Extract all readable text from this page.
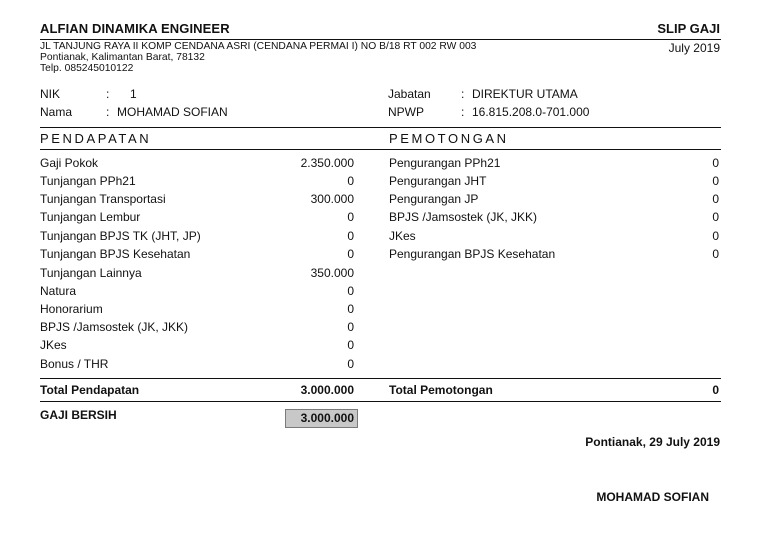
ALFIAN DINAMIKA ENGINEER	SLIP GAJI
JL TANJUNG RAYA II KOMP CENDANA ASRI (CENDANA PERMAI I) NO B/18 RT 002 RW 003
Pontianak, Kalimantan Barat, 78132
Telp. 085245010122
July 2019
NIK	: 1
Nama	: MOHAMAD SOFIAN
Jabatan	: DIREKTUR UTAMA
NPWP	: 16.815.208.0-701.000
PENDAPATAN	PEMOTONGAN
Gaji Pokok	2.350.000
Tunjangan PPh21	0
Tunjangan Transportasi	300.000
Tunjangan Lembur	0
Tunjangan BPJS TK (JHT, JP)	0
Tunjangan BPJS Kesehatan	0
Tunjangan Lainnya	350.000
Natura	0
Honorarium	0
BPJS /Jamsostek (JK, JKK)	0
JKes	0
Bonus / THR	0
Pengurangan PPh21	0
Pengurangan JHT	0
Pengurangan JP	0
BPJS /Jamsostek (JK, JKK)	0
JKes	0
Pengurangan BPJS Kesehatan	0
Total Pendapatan	3.000.000	Total Pemotongan	0
GAJI BERSIH	3.000.000
Pontianak, 29 July 2019
MOHAMAD SOFIAN
